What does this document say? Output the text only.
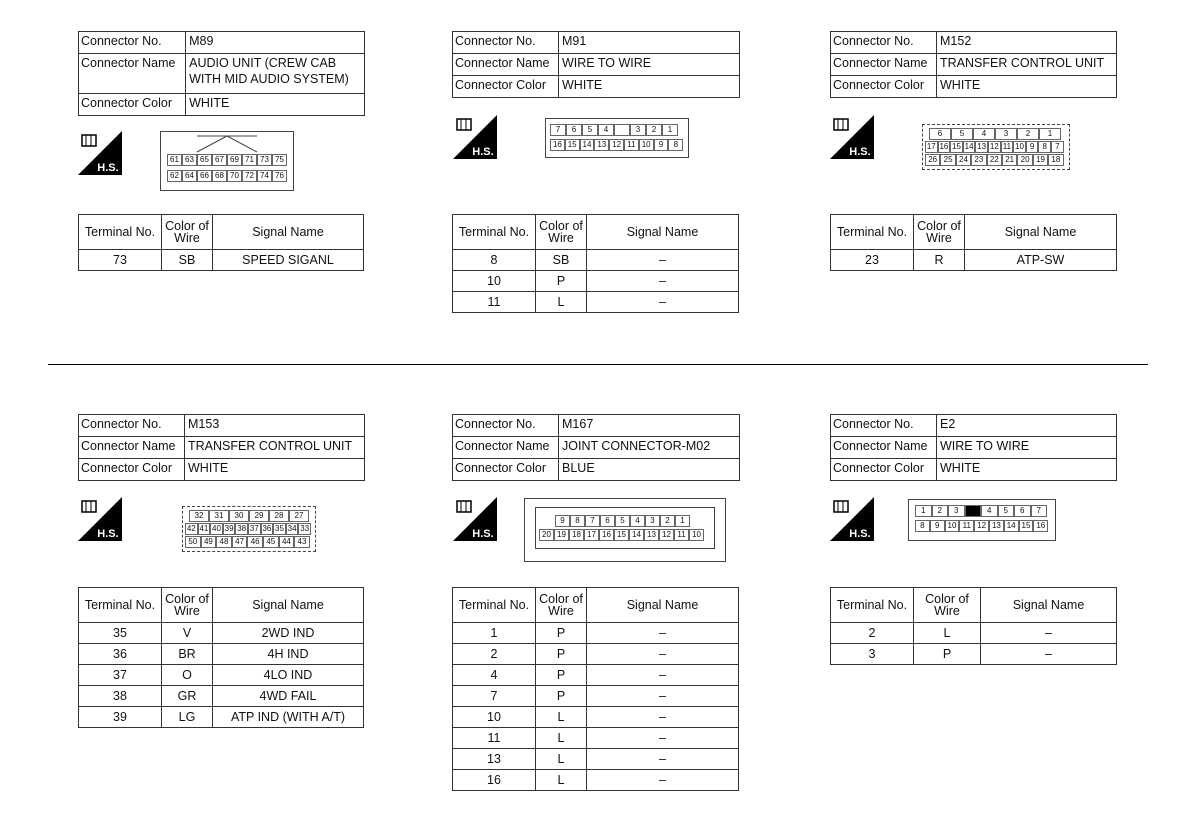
Connector No.	M89
Connector Name	AUDIO UNIT (CREW CAB WITH MID AUDIO SYSTEM)
Connector Color	WHITE
H.S.
61 63 65 67 69 71 73 75
62 64 66 68 70 72 74 76
Terminal No.	Color of Wire	Signal Name
73	SB	SPEED SIGANL
Connector No.	M91
Connector Name	WIRE TO WIRE
Connector Color	WHITE
H.S.
7	6	5	4	3	2	1
16 15 14 13 12 11 10	9	8
Terminal No.	Color of Wire	Signal Name
8	SB	–
10	P	–
11	L	–
Connector No.	M152
Connector Name	TRANSFER CONTROL UNIT
Connector Color	WHITE
H.S.
6	5	4	3	2	1
17 16 15 14 13 12 11 10 9	8	7
26 25 24 23 22 21 20 19 18
Terminal No.	Color of Wire	Signal Name
23	R	ATP-SW
Connector No.	M153
Connector Name	TRANSFER CONTROL UNIT
Connector Color	WHITE
H.S.
32	31	30	29	28	27
42 41 40 39 38 37 36 35 34 33
50 49 48 47 46 45 44 43
Terminal No.	Color of Wire	Signal Name
35	V	2WD IND
36	BR	4H IND
37	O	4LO IND
38	GR	4WD FAIL
39	LG	ATP IND (WITH A/T)
Connector No.	M167
Connector Name	JOINT CONNECTOR-M02
Connector Color	BLUE
H.S.
9	8	7	6	5	4	3	2	1
20 19 18 17 16 15 14 13 12 11 10
Terminal No.	Color of Wire	Signal Name
1	P	–
2	P	–
4	P	–
7	P	–
10	L	–
11	L	–
13	L	–
16	L	–
Connector No.	E2
Connector Name	WIRE TO WIRE
Connector Color	WHITE
H.S.
1	2	3	4	5	6	7
8	9	10 11 12 13 14 15 16
Terminal No.	Color of Wire	Signal Name
2	L	–
3	P	–
